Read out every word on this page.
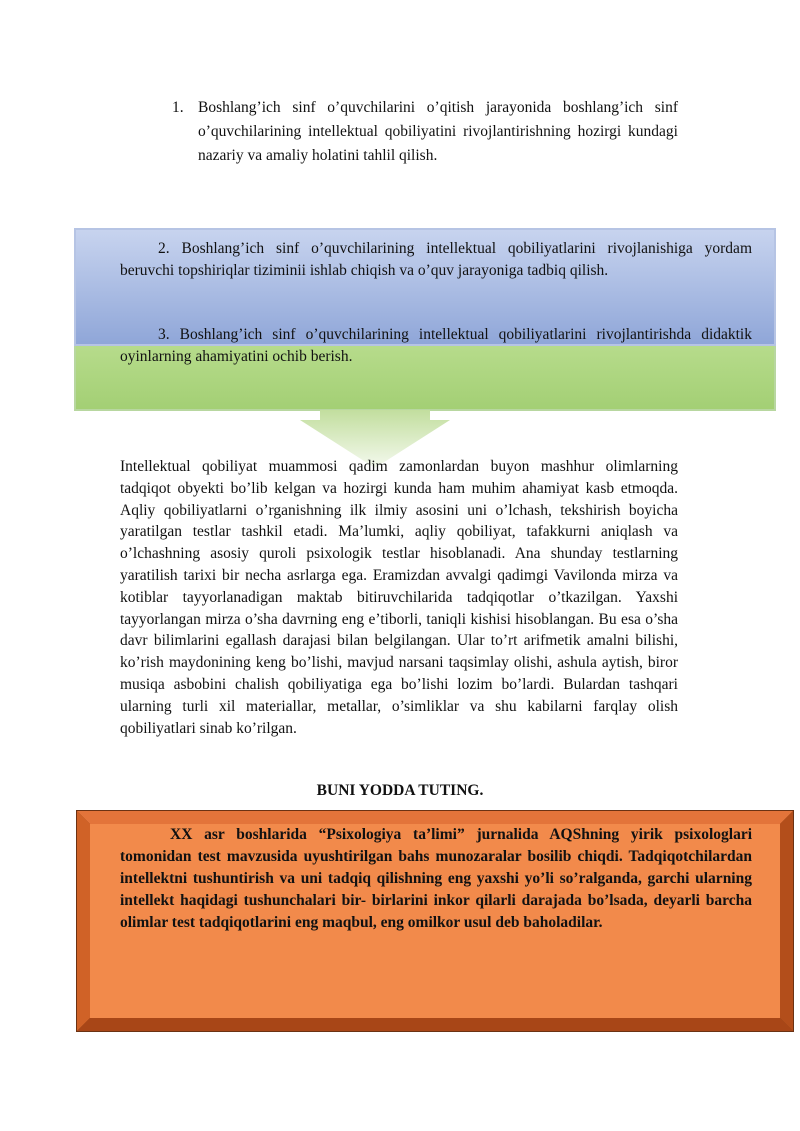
1. Boshlang’ich sinf o’quvchilarini o’qitish jarayonida boshlang’ich sinf o’quvchilarining intellektual qobiliyatini rivojlantirishning hozirgi kundagi nazariy va amaliy holatini tahlil qilish.
2. Boshlang’ich sinf o’quvchilarining intellektual qobiliyatlarini rivojlanishiga yordam beruvchi topshiriqlar tiziminii ishlab chiqish va o’quv jarayoniga tadbiq qilish.
3. Boshlang’ich sinf o’quvchilarining intellektual qobiliyatlarini rivojlantirishda didaktik oyinlarning ahamiyatini ochib berish.
Intellektual qobiliyat muammosi qadim zamonlardan buyon mashhur olimlarning tadqiqot obyekti bo’lib kelgan va hozirgi kunda ham muhim ahamiyat kasb etmoqda. Aqliy qobiliyatlarni o’rganishning ilk ilmiy asosini uni o’lchash, tekshirish boyicha yaratilgan testlar tashkil etadi. Ma’lumki, aqliy qobiliyat, tafakkurni aniqlash va o’lchashning asosiy quroli psixologik testlar hisoblanadi. Ana shunday testlarning yaratilish tarixi bir necha asrlarga ega. Eramizdan avvalgi qadimgi Vavilonda mirza va kotiblar tayyorlanadigan maktab bitiruvchilarida tadqiqotlar o’tkazilgan. Yaxshi tayyorlangan mirza o’sha davrning eng e’tiborli, taniqli kishisi hisoblangan. Bu esa o’sha davr bilimlarini egallash darajasi bilan belgilangan. Ular to’rt arifmetik amalni bilishi, ko’rish maydonining keng bo’lishi, mavjud narsani taqsimlay olishi, ashula aytish, biror musiqa asbobini chalish qobiliyatiga ega bo’lishi lozim bo’lardi. Bulardan tashqari ularning turli xil materiallar, metallar, o’simliklar va shu kabilarni farqlay olish qobiliyatlari sinab ko’rilgan.
BUNI YODDA TUTING.
XX asr boshlarida “Psixologiya ta’limi” jurnalida AQShning yirik psixologlari tomonidan test mavzusida uyushtirilgan bahs munozaralar bosilib chiqdi. Tadqiqotchilardan intellektni tushuntirish va uni tadqiq qilishning eng yaxshi yo’li so’ralganda, garchi ularning intellekt haqidagi tushunchalari bir- birlarini inkor qilarli darajada bo’lsada, deyarli barcha olimlar test tadqiqotlarini eng maqbul, eng omilkor usul deb baholadilar.
